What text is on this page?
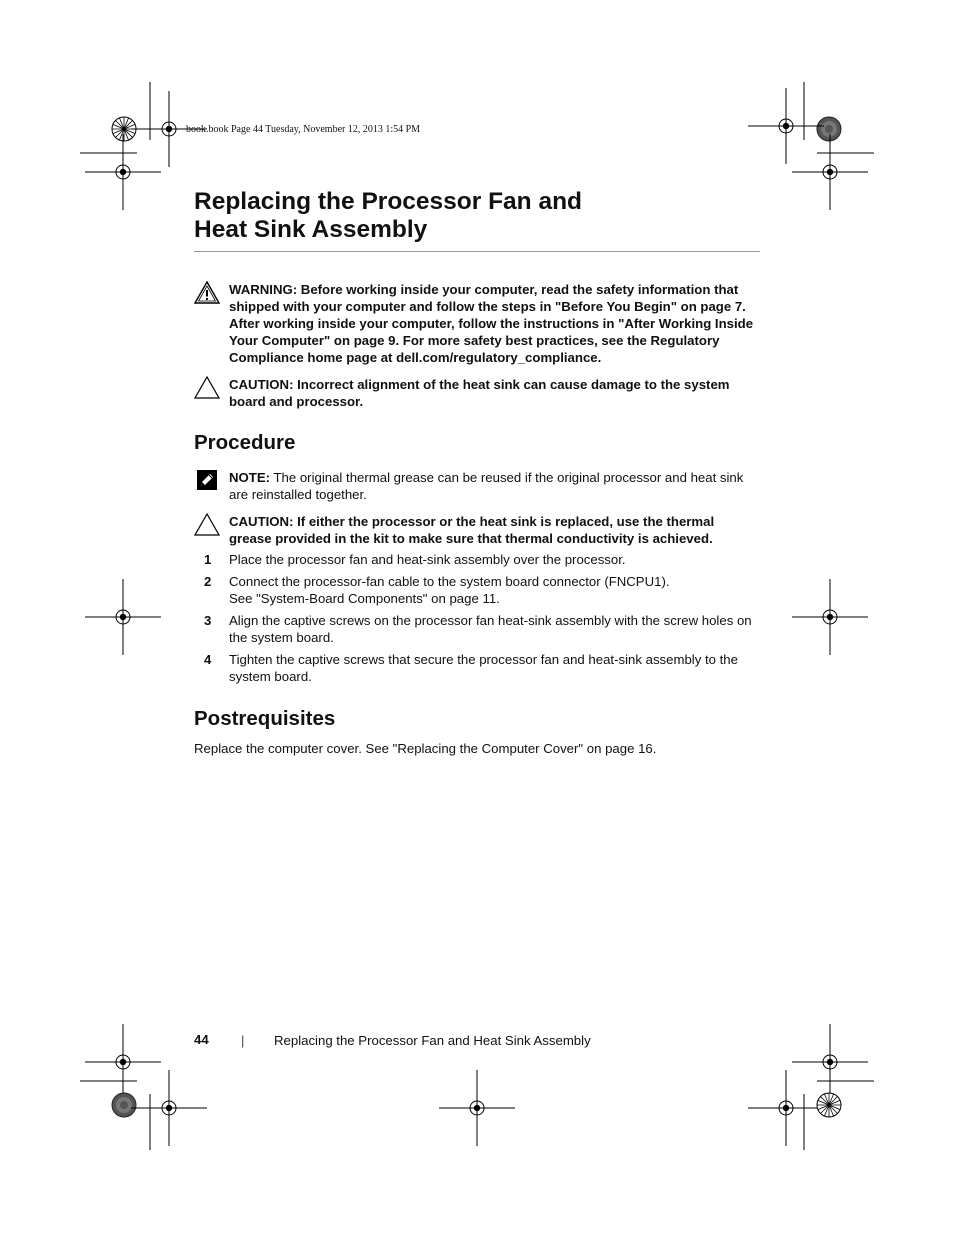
book.book Page 44 Tuesday, November 12, 2013 1:54 PM
Replacing the Processor Fan and
Heat Sink Assembly
WARNING: Before working inside your computer, read the safety information that shipped with your computer and follow the steps in "Before You Begin" on page 7. After working inside your computer, follow the instructions in "After Working Inside Your Computer" on page 9. For more safety best practices, see the Regulatory Compliance home page at dell.com/regulatory_compliance.
CAUTION: Incorrect alignment of the heat sink can cause damage to the system board and processor.
Procedure
NOTE: The original thermal grease can be reused if the original processor and heat sink are reinstalled together.
CAUTION: If either the processor or the heat sink is replaced, use the thermal grease provided in the kit to make sure that thermal conductivity is achieved.
1 Place the processor fan and heat-sink assembly over the processor.
2 Connect the processor-fan cable to the system board connector (FNCPU1).
See "System-Board Components" on page 11.
3 Align the captive screws on the processor fan heat-sink assembly with the screw holes on the system board.
4 Tighten the captive screws that secure the processor fan and heat-sink assembly to the system board.
Postrequisites

Replace the computer cover. See "Replacing the Computer Cover" on page 16.

44 | Replacing the Processor Fan and Heat Sink Assembly
